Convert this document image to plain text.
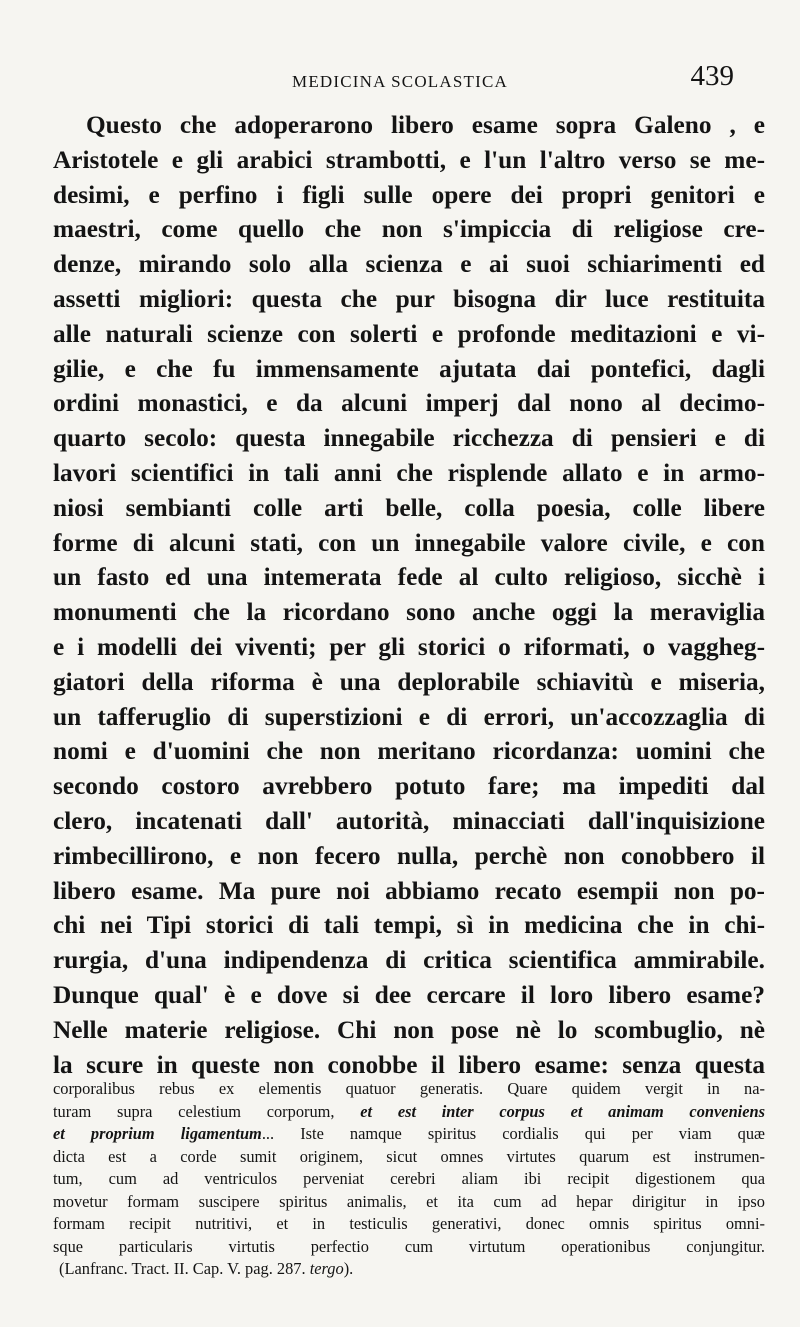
MEDICINA SCOLASTICA	439
Questo che adoperarono libero esame sopra Galeno , e
Aristotele e gli arabici strambotti, e l'un l'altro verso se me-
desimi, e perfino i figli sulle opere dei propri genitori e
maestri, come quello che non s'impiccia di religiose cre-
denze, mirando solo alla scienza e ai suoi schiarimenti ed
assetti migliori: questa che pur bisogna dir luce restituita
alle naturali scienze con solerti e profonde meditazioni e vi-
gilie, e che fu immensamente ajutata dai pontefici, dagli
ordini monastici, e da alcuni imperj dal nono al decimo-
quarto secolo: questa innegabile ricchezza di pensieri e di
lavori scientifici in tali anni che risplende allato e in armo-
niosi sembianti colle arti belle, colla poesia, colle libere
forme di alcuni stati, con un innegabile valore civile, e con
un fasto ed una intemerata fede al culto religioso, sicchè i
monumenti che la ricordano sono anche oggi la meraviglia
e i modelli dei viventi; per gli storici o riformati, o vaggheg-
giatori della riforma è una deplorabile schiavitù e miseria,
un tafferuglio di superstizioni e di errori, un'accozzaglia di
nomi e d'uomini che non meritano ricordanza: uomini che
secondo costoro avrebbero potuto fare; ma impediti dal
clero, incatenati dall' autorità, minacciati dall'inquisizione
rimbecillirono, e non fecero nulla, perchè non conobbero il
libero esame. Ma pure noi abbiamo recato esempii non po-
chi nei Tipi storici di tali tempi, sì in medicina che in chi-
rurgia, d'una indipendenza di critica scientifica ammirabile.
Dunque qual' è e dove si dee cercare il loro libero esame?
Nelle materie religiose. Chi non pose nè lo scombuglio, nè
la scure in queste non conobbe il libero esame: senza questa
corporalibus rebus ex elementis quatuor generatis. Quare quidem vergit in na-
turam supra celestium corporum, et est inter corpus et animam conveniens
et proprium ligamentum... Iste namque spiritus cordialis qui per viam quæ
dicta est a corde sumit originem, sicut omnes virtutes quarum est instrumen-
tum, cum ad ventriculos perveniat cerebri aliam ibi recipit digestionem qua
movetur formam suscipere spiritus animalis, et ita cum ad hepar dirigitur in ipso
formam recipit nutritivi, et in testiculis generativi, donec omnis spiritus omni-
sque particularis virtutis perfectio cum virtutum operationibus conjungitur.
(Lanfranc. Tract. II. Cap. V. pag. 287. tergo).
